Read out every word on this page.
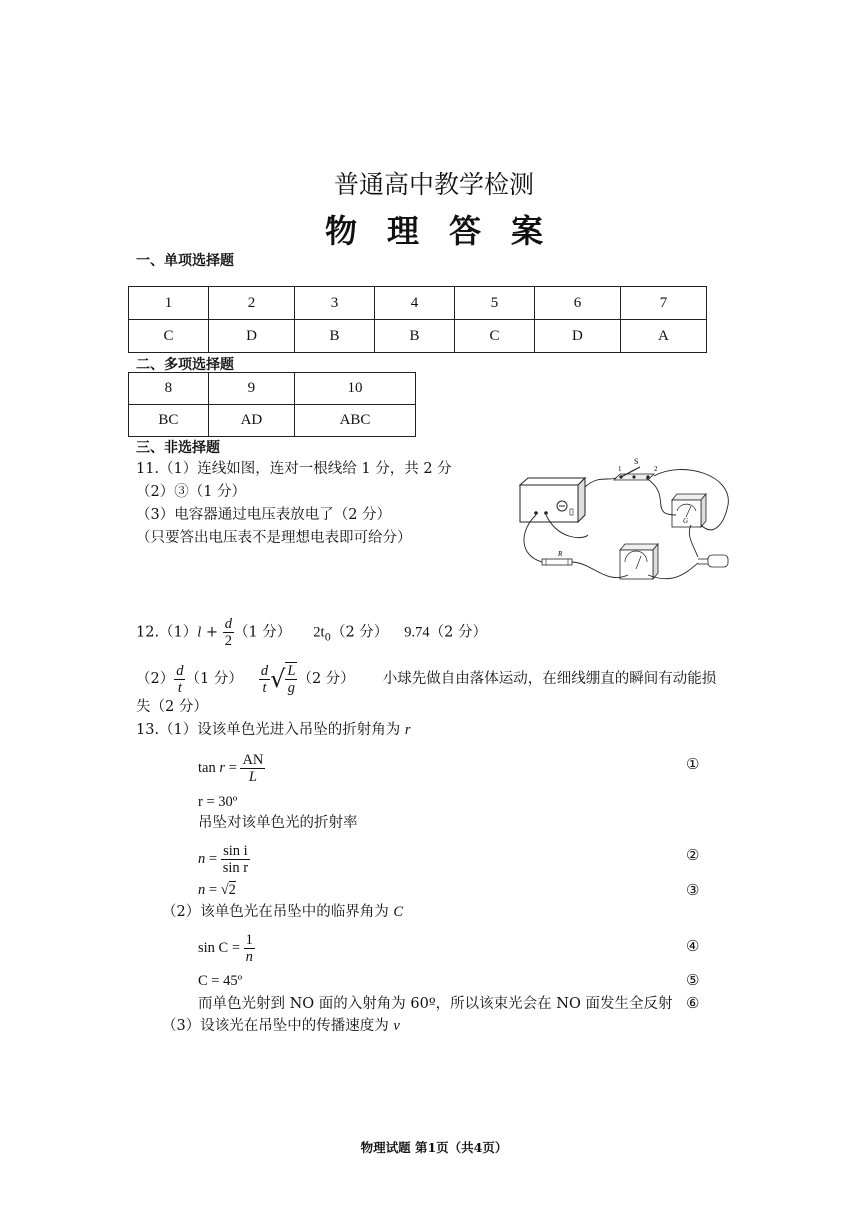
普通高中教学检测
物理答案
一、单项选择题
1	2	3	4	5	6	7
C	D	B	B	C	D	A
二、多项选择题
8	9	10
BC	AD	ABC
三、非选择题
11.（1）连线如图，连对一根线给 1 分，共 2 分
（2）③（1 分）
（3）电容器通过电压表放电了（2 分）
（只要答出电压表不是理想电表即可给分）
S
1	2
G
R
$12.(1)l + \frac{d}{2} (1$ 分） $2t_0(2$ 分） 9.74（2 分）
$(2) \frac{d}{t} (1$ 分） $\frac{d}{t}$ √ $\frac{L}{g} (2$ 分） 小球先做自由落体运动，在细线绷直的瞬间有动能损
失（2 分）
13.（1）设该单色光进入吊坠的折射角为 r
$\tan r = \frac{AN}{L}$	①
r = 30º
吊坠对该单色光的折射率
$n = \frac{\text{sin i}}{\text{sin r}}$	②
n = √2	③
（2）该单色光在吊坠中的临界角为 C
$\sin C = \frac{1}{n}$	④
C = 45º	⑤
而单色光射到 NO 面的入射角为 60º，所以该束光会在 NO 面发生全反射 ⑥
（3）设该光在吊坠中的传播速度为 v
物理试题 第1页（共4页）
